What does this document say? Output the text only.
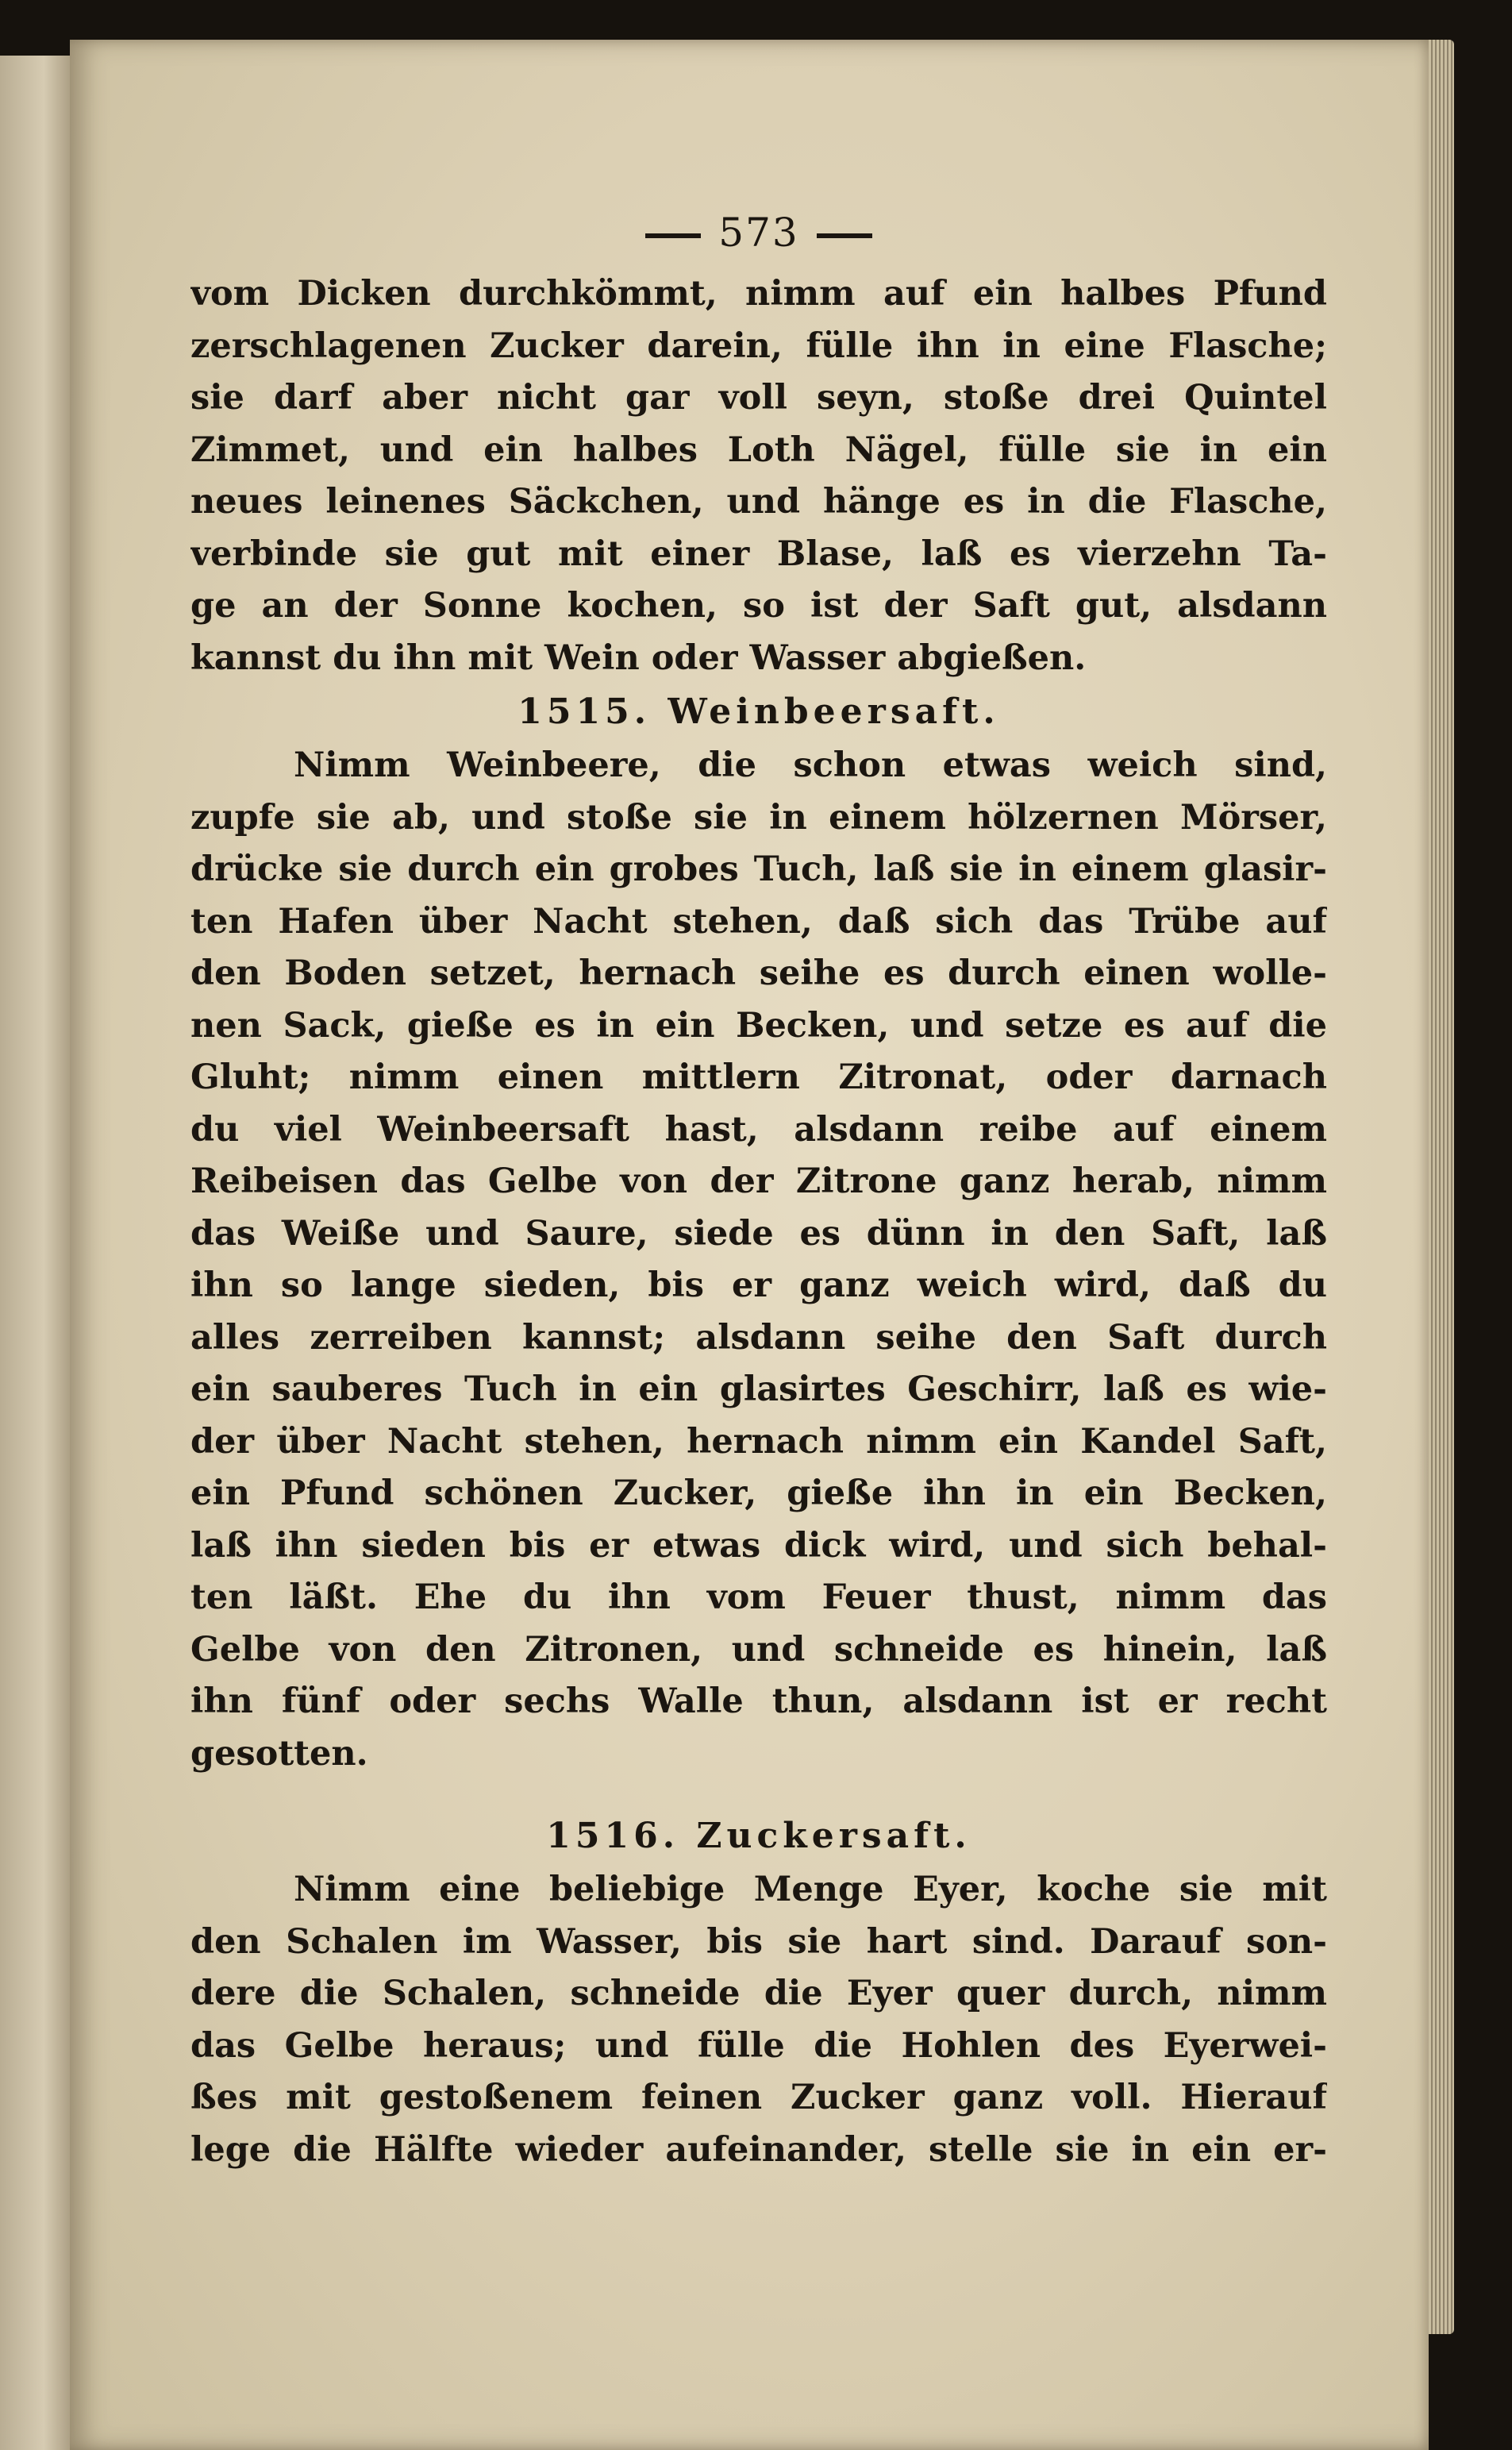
573
vom Dicken durchkömmt, nimm auf ein halbes Pfund
zerschlagenen Zucker darein, fülle ihn in eine Flasche;
sie darf aber nicht gar voll seyn, stoße drei Quintel
Zimmet, und ein halbes Loth Nägel, fülle sie in ein
neues leinenes Säckchen, und hänge es in die Flasche,
verbinde sie gut mit einer Blase, laß es vierzehn Ta-
ge an der Sonne kochen, so ist der Saft gut, alsdann
kannst du ihn mit Wein oder Wasser abgießen.
1515. Weinbeersaft.
Nimm Weinbeere, die schon etwas weich sind,
zupfe sie ab, und stoße sie in einem hölzernen Mörser,
drücke sie durch ein grobes Tuch, laß sie in einem glasir-
ten Hafen über Nacht stehen, daß sich das Trübe auf
den Boden setzet, hernach seihe es durch einen wolle-
nen Sack, gieße es in ein Becken, und setze es auf die
Gluht; nimm einen mittlern Zitronat, oder darnach
du viel Weinbeersaft hast, alsdann reibe auf einem
Reibeisen das Gelbe von der Zitrone ganz herab, nimm
das Weiße und Saure, siede es dünn in den Saft, laß
ihn so lange sieden, bis er ganz weich wird, daß du
alles zerreiben kannst; alsdann seihe den Saft durch
ein sauberes Tuch in ein glasirtes Geschirr, laß es wie-
der über Nacht stehen, hernach nimm ein Kandel Saft,
ein Pfund schönen Zucker, gieße ihn in ein Becken,
laß ihn sieden bis er etwas dick wird, und sich behal-
ten läßt. Ehe du ihn vom Feuer thust, nimm das
Gelbe von den Zitronen, und schneide es hinein, laß
ihn fünf oder sechs Walle thun, alsdann ist er recht
gesotten.
1516. Zuckersaft.
Nimm eine beliebige Menge Eyer, koche sie mit
den Schalen im Wasser, bis sie hart sind. Darauf son-
dere die Schalen, schneide die Eyer quer durch, nimm
das Gelbe heraus; und fülle die Hohlen des Eyerwei-
ßes mit gestoßenem feinen Zucker ganz voll. Hierauf
lege die Hälfte wieder aufeinander, stelle sie in ein er-
